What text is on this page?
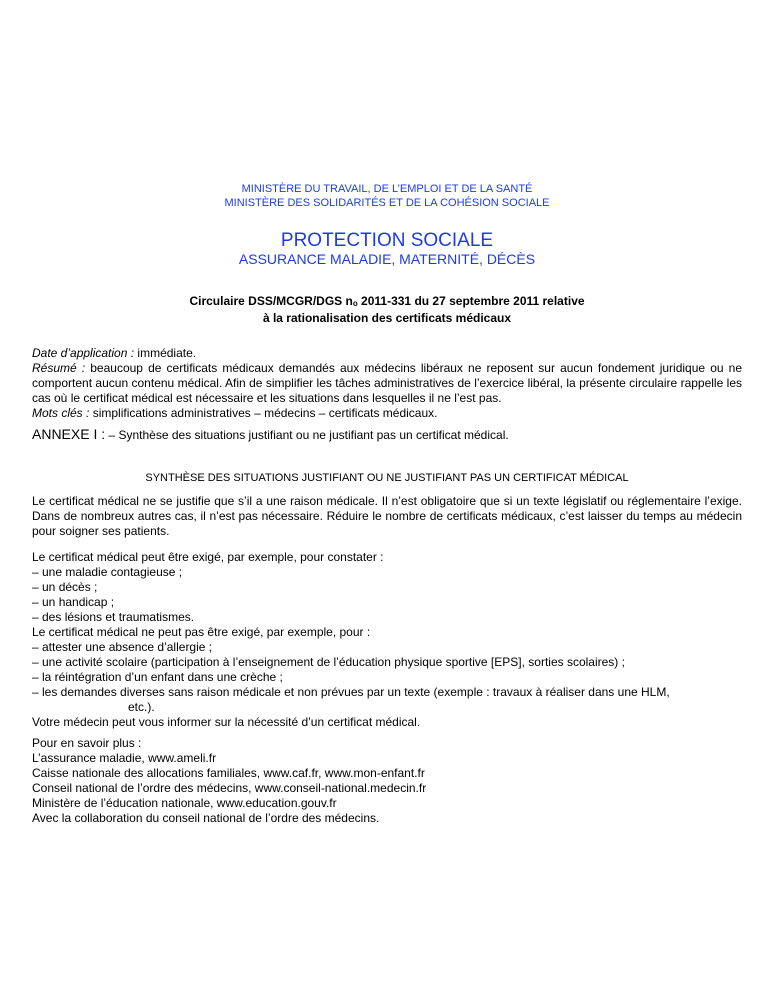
MINISTÈRE DU TRAVAIL, DE L’EMPLOI ET DE LA SANTÉ
MINISTÈRE DES SOLIDARITÉS ET DE LA COHÉSION SOCIALE
PROTECTION SOCIALE
ASSURANCE MALADIE, MATERNITÉ, DÉCÈS
Circulaire DSS/MCGR/DGS no 2011-331 du 27 septembre 2011 relative
à la rationalisation des certificats médicaux

Date d’application : immédiate.

Résumé : beaucoup de certificats médicaux demandés aux médecins libéraux ne reposent sur aucun fondement juridique ou ne comportent aucun contenu médical. Afin de simplifier les tâches administratives de l’exercice libéral, la présente circulaire rappelle les cas où le certificat médical est nécessaire et les situations dans lesquelles il ne l’est pas.

Mots clés : simplifications administratives – médecins – certificats médicaux.

ANNEXE I : – Synthèse des situations justifiant ou ne justifiant pas un certificat médical.
SYNTHÈSE DES SITUATIONS JUSTIFIANT OU NE JUSTIFIANT PAS UN CERTIFICAT MÉDICAL

Le certificat médical ne se justifie que s’il a une raison médicale. Il n’est obligatoire que si un texte législatif ou réglementaire l’exige. Dans de nombreux autres cas, il n’est pas nécessaire. Réduire le nombre de certificats médicaux, c’est laisser du temps au médecin pour soigner ses patients.

Le certificat médical peut être exigé, par exemple, pour constater :

– une maladie contagieuse ;

– un décès ;

– un handicap ;

– des lésions et traumatismes.

Le certificat médical ne peut pas être exigé, par exemple, pour :

– attester une absence d’allergie ;

– une activité scolaire (participation à l’enseignement de l’éducation physique sportive [EPS], sorties scolaires) ;

– la réintégration d’un enfant dans une crèche ;

– les demandes diverses sans raison médicale et non prévues par un texte (exemple : travaux à réaliser dans une HLM,
etc.).

Votre médecin peut vous informer sur la nécessité d’un certificat médical.

Pour en savoir plus :

L’assurance maladie, www.ameli.fr

Caisse nationale des allocations familiales, www.caf.fr, www.mon-enfant.fr

Conseil national de l’ordre des médecins, www.conseil-national.medecin.fr

Ministère de l’éducation nationale, www.education.gouv.fr

Avec la collaboration du conseil national de l’ordre des médecins.
